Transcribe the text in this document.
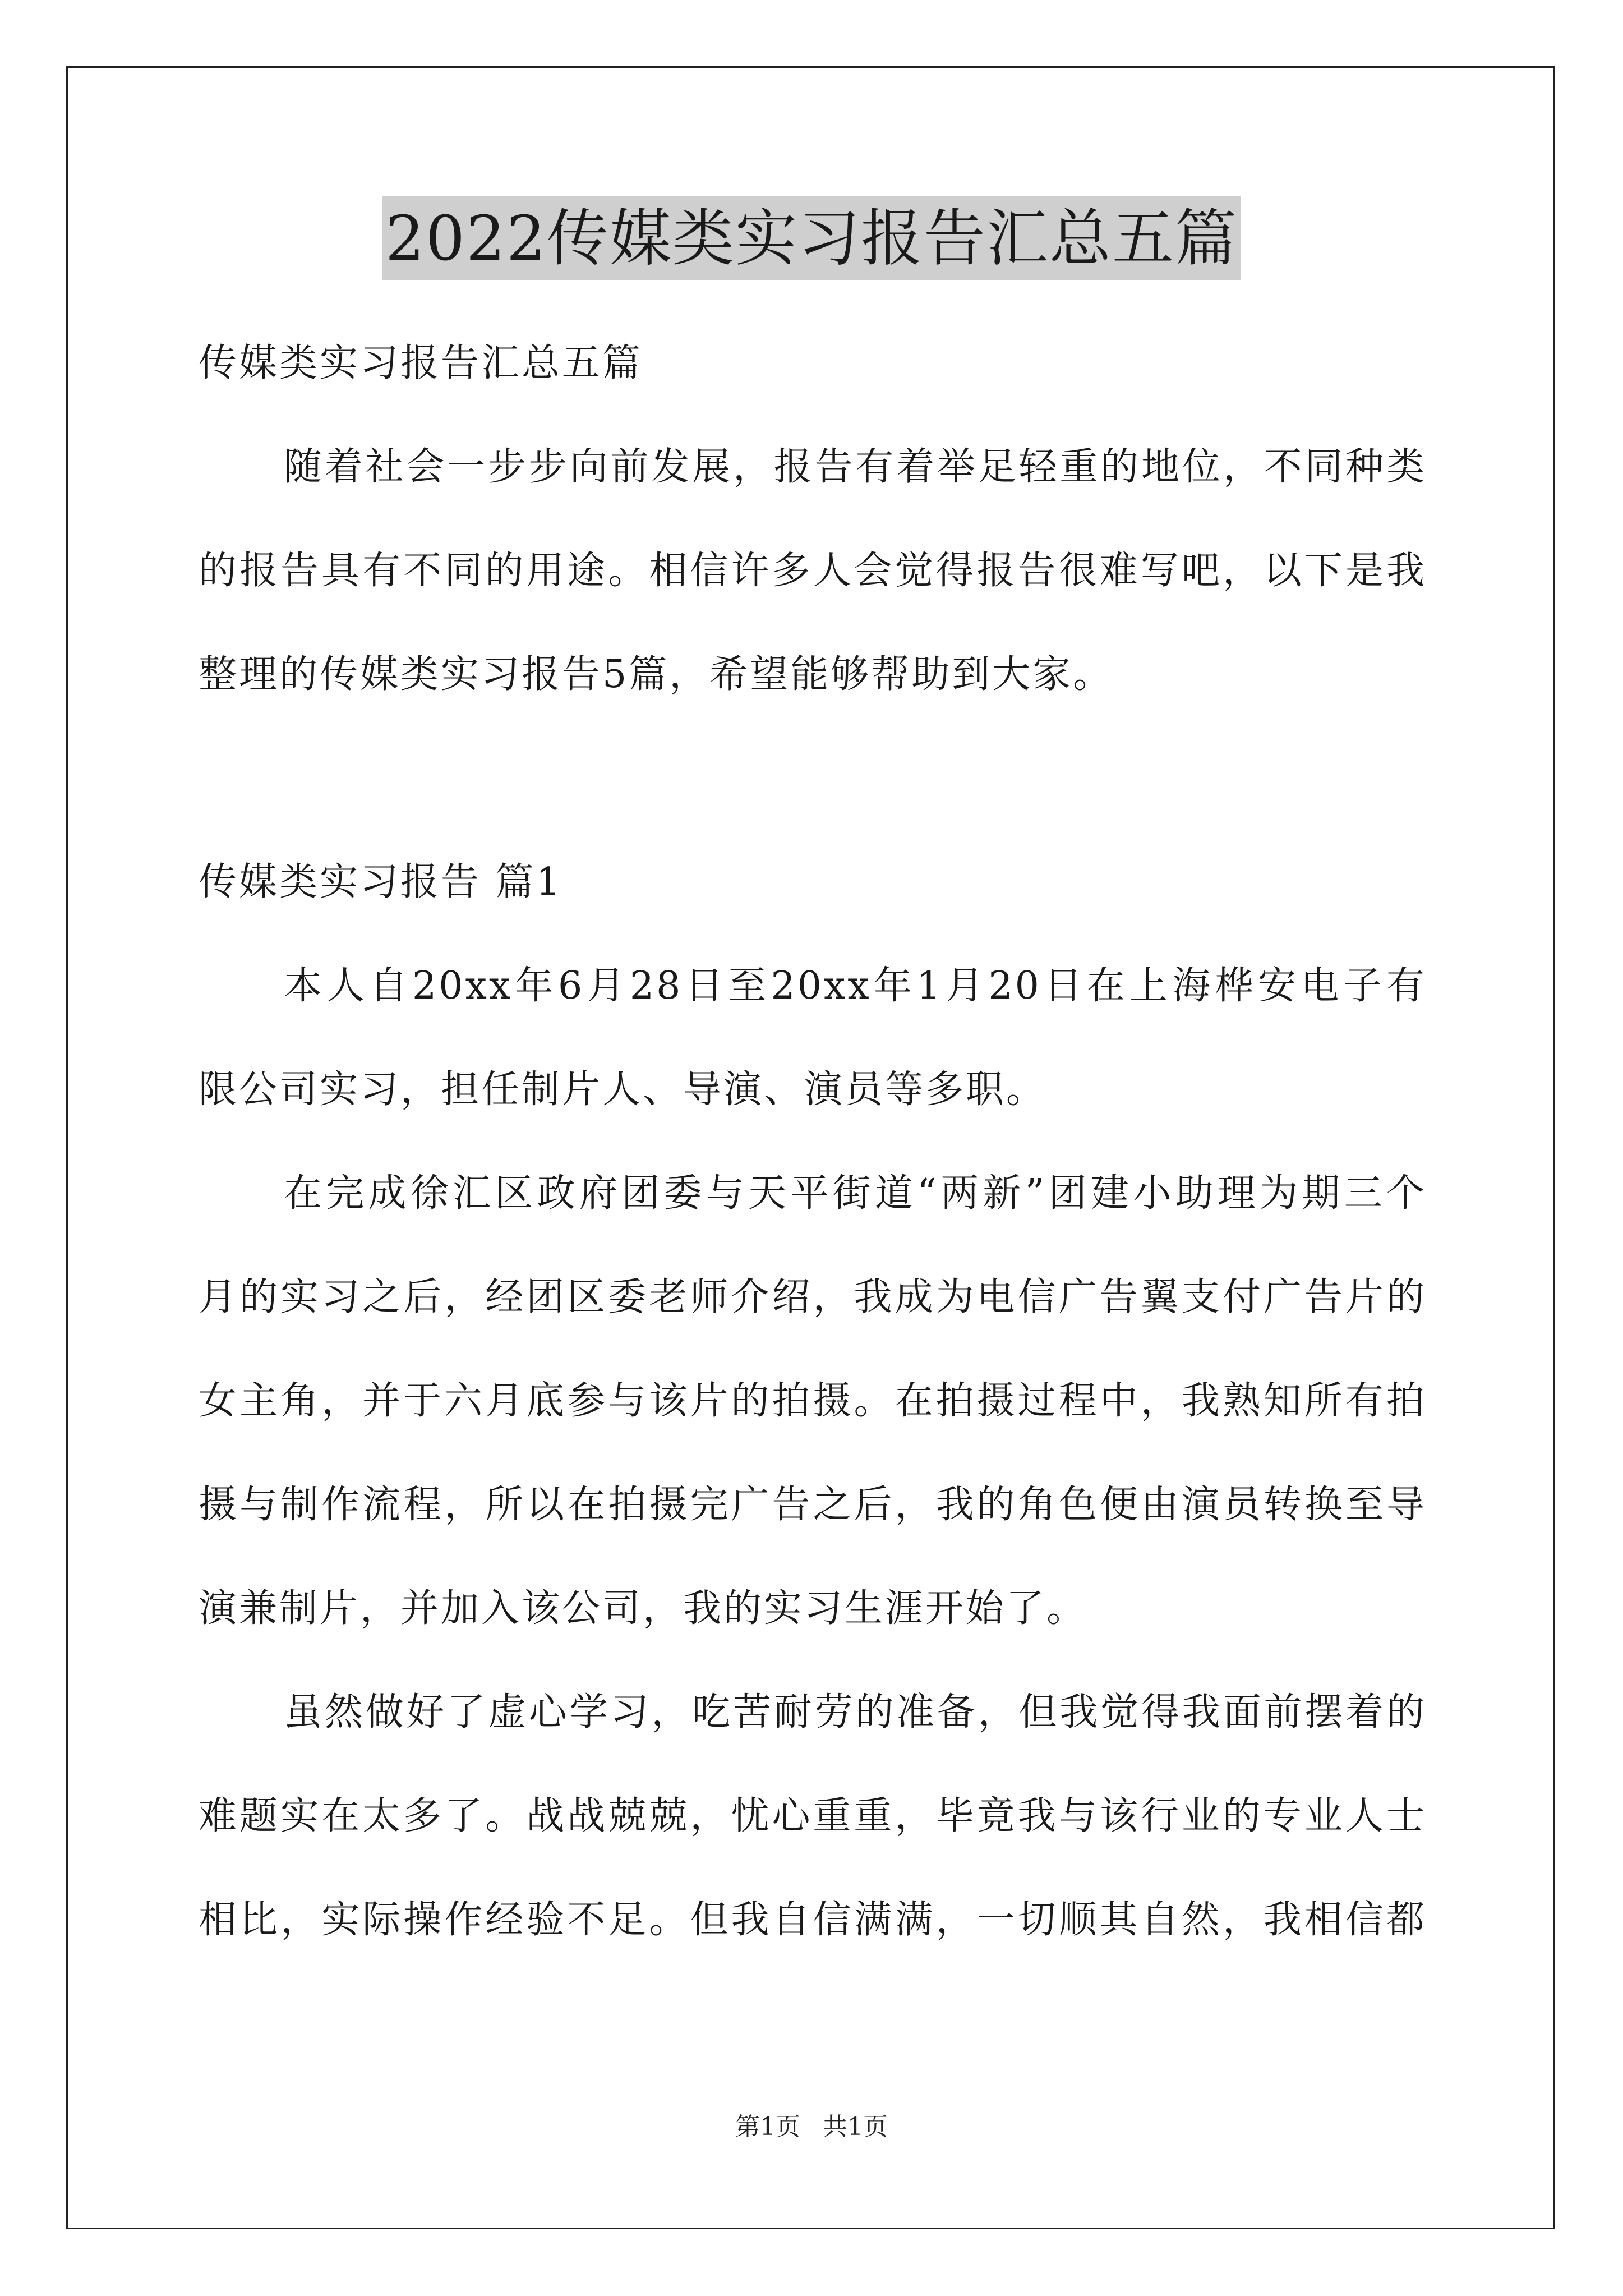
2022传媒类实习报告汇总五篇
传媒类实习报告汇总五篇
随着社会一步步向前发展，报告有着举足轻重的地位，不同种类
的报告具有不同的用途。相信许多人会觉得报告很难写吧，以下是我
整理的传媒类实习报告5篇，希望能够帮助到大家。
传媒类实习报告 篇1
本人自20xx年6月28日至20xx年1月20日在上海桦安电子有
限公司实习，担任制片人、导演、演员等多职。
在完成徐汇区政府团委与天平街道“两新”团建小助理为期三个
月的实习之后，经团区委老师介绍，我成为电信广告翼支付广告片的
女主角，并于六月底参与该片的拍摄。在拍摄过程中，我熟知所有拍
摄与制作流程，所以在拍摄完广告之后，我的角色便由演员转换至导
演兼制片，并加入该公司，我的实习生涯开始了。
虽然做好了虚心学习，吃苦耐劳的准备，但我觉得我面前摆着的
难题实在太多了。战战兢兢，忧心重重，毕竟我与该行业的专业人士
相比，实际操作经验不足。但我自信满满，一切顺其自然，我相信都
第1页 共1页
